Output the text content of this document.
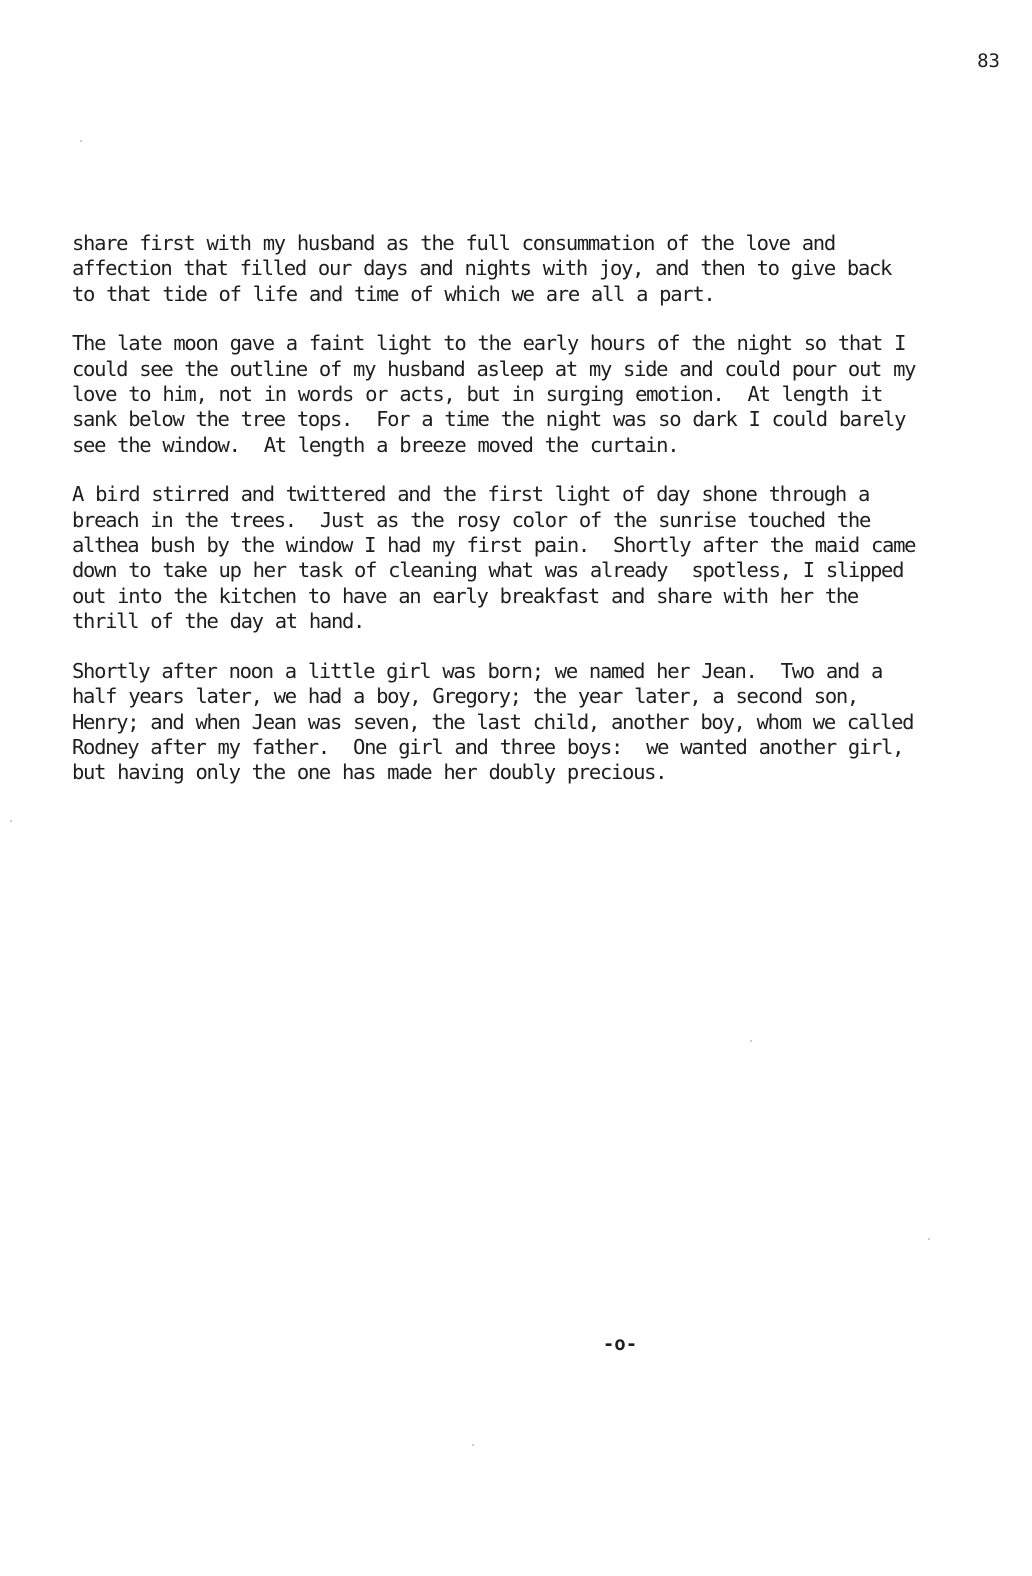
83

share first with my husband as the full consummation of the love and
affection that filled our days and nights with joy, and then to give back
to that tide of life and time of which we are all a part.

The late moon gave a faint light to the early hours of the night so that I
could see the outline of my husband asleep at my side and could pour out my
love to him, not in words or acts, but in surging emotion.  At length it
sank below the tree tops.  For a time the night was so dark I could barely
see the window.  At length a breeze moved the curtain.

A bird stirred and twittered and the first light of day shone through a
breach in the trees.  Just as the rosy color of the sunrise touched the
althea bush by the window I had my first pain.  Shortly after the maid came
down to take up her task of cleaning what was already  spotless, I slipped
out into the kitchen to have an early breakfast and share with her the
thrill of the day at hand.

Shortly after noon a little girl was born; we named her Jean.  Two and a
half years later, we had a boy, Gregory; the year later, a second son,
Henry; and when Jean was seven, the last child, another boy, whom we called
Rodney after my father.  One girl and three boys:  we wanted another girl,
but having only the one has made her doubly precious.

-o-
